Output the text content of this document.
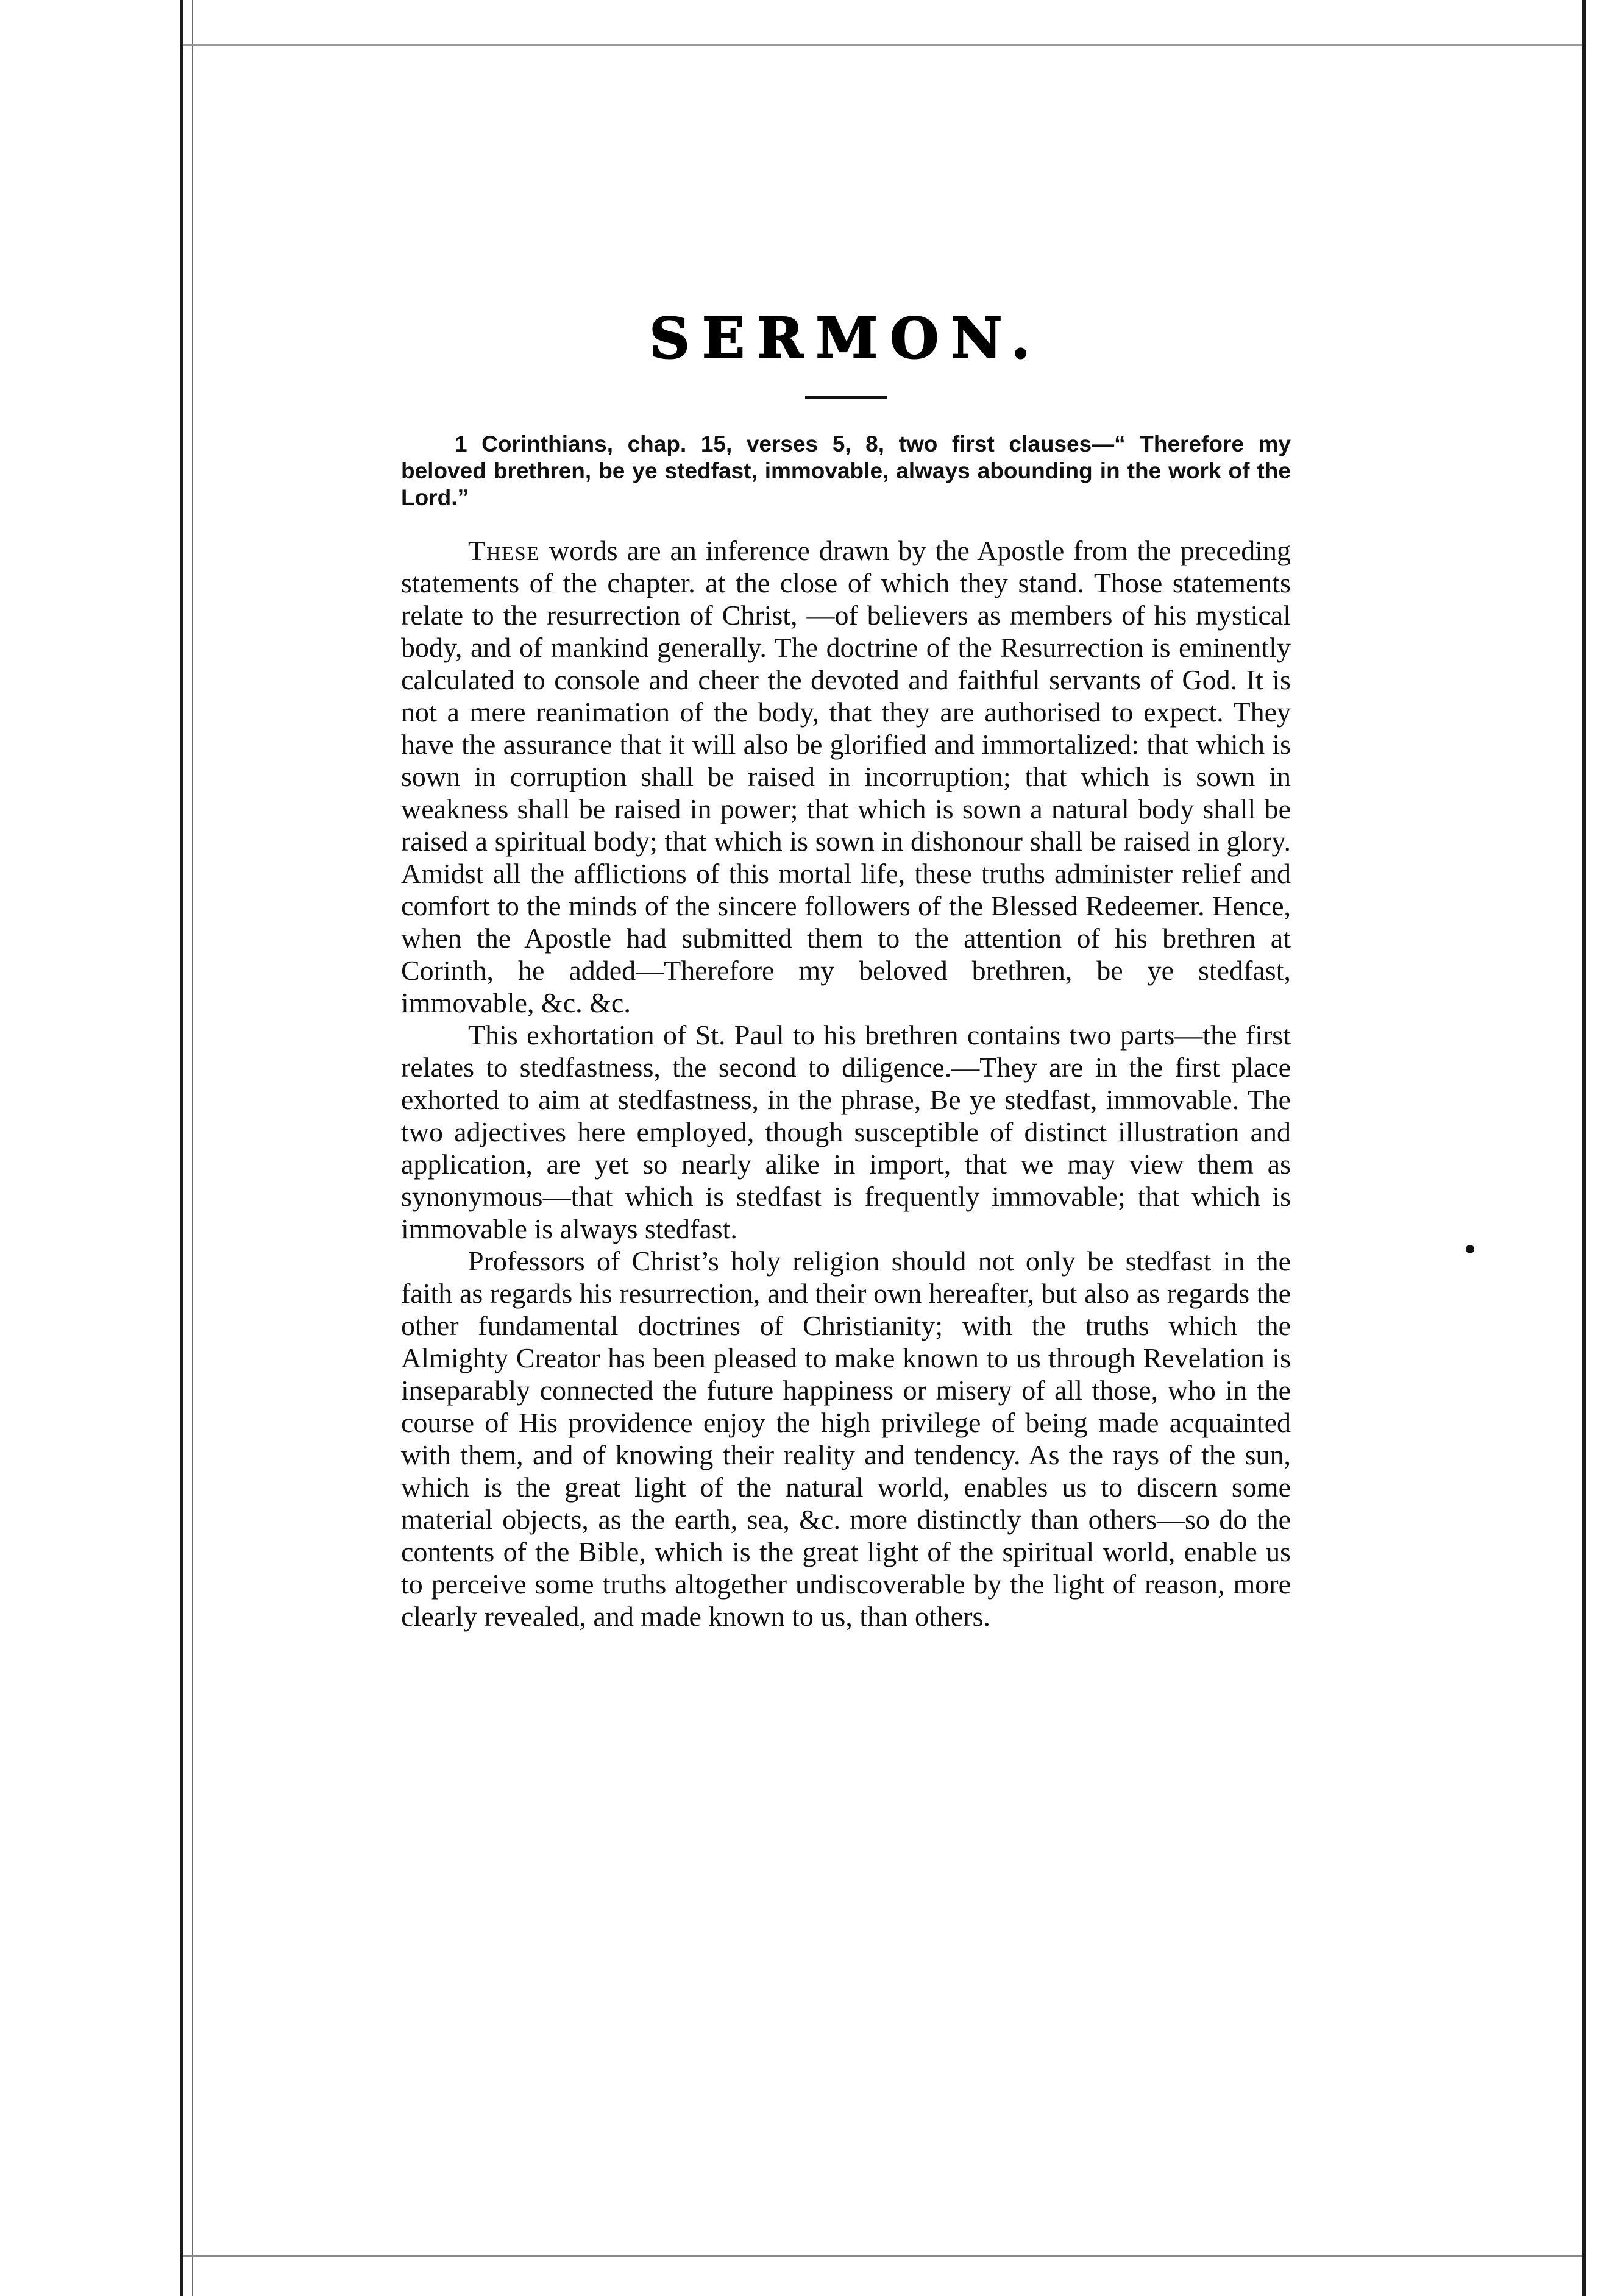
SERMON.
1 Corinthians, chap. 15, verses 5, 8, two first clauses—“ Therefore my beloved brethren, be ye stedfast, immovable, always abounding in the work of the Lord.”

These words are an inference drawn by the Apostle from the preceding statements of the chapter. at the close of which they stand. Those statements relate to the resurrection of Christ, —of believers as members of his mystical body, and of mankind generally. The doctrine of the Resurrection is eminently calculated to console and cheer the devoted and faithful servants of God. It is not a mere reanimation of the body, that they are authorised to expect. They have the assurance that it will also be glorified and immortalized: that which is sown in corruption shall be raised in incorruption; that which is sown in weakness shall be raised in power; that which is sown a natural body shall be raised a spiritual body; that which is sown in dishonour shall be raised in glory. Amidst all the afflictions of this mortal life, these truths administer relief and comfort to the minds of the sincere followers of the Blessed Redeemer. Hence, when the Apostle had submitted them to the attention of his brethren at Corinth, he added—Therefore my beloved brethren, be ye stedfast, immovable, &c. &c.

This exhortation of St. Paul to his brethren contains two parts—the first relates to stedfastness, the second to diligence.—They are in the first place exhorted to aim at stedfastness, in the phrase, Be ye stedfast, immovable. The two adjectives here employed, though susceptible of distinct illustration and application, are yet so nearly alike in import, that we may view them as synonymous—that which is stedfast is frequently immovable; that which is immovable is always stedfast.

Professors of Christ’s holy religion should not only be stedfast in the faith as regards his resurrection, and their own hereafter, but also as regards the other fundamental doctrines of Christianity; with the truths which the Almighty Creator has been pleased to make known to us through Revelation is inseparably connected the future happiness or misery of all those, who in the course of His providence enjoy the high privilege of being made acquainted with them, and of knowing their reality and tendency. As the rays of the sun, which is the great light of the natural world, enables us to discern some material objects, as the earth, sea, &c. more distinctly than others—so do the contents of the Bible, which is the great light of the spiritual world, enable us to perceive some truths altogether undiscoverable by the light of reason, more clearly revealed, and made known to us, than others.
